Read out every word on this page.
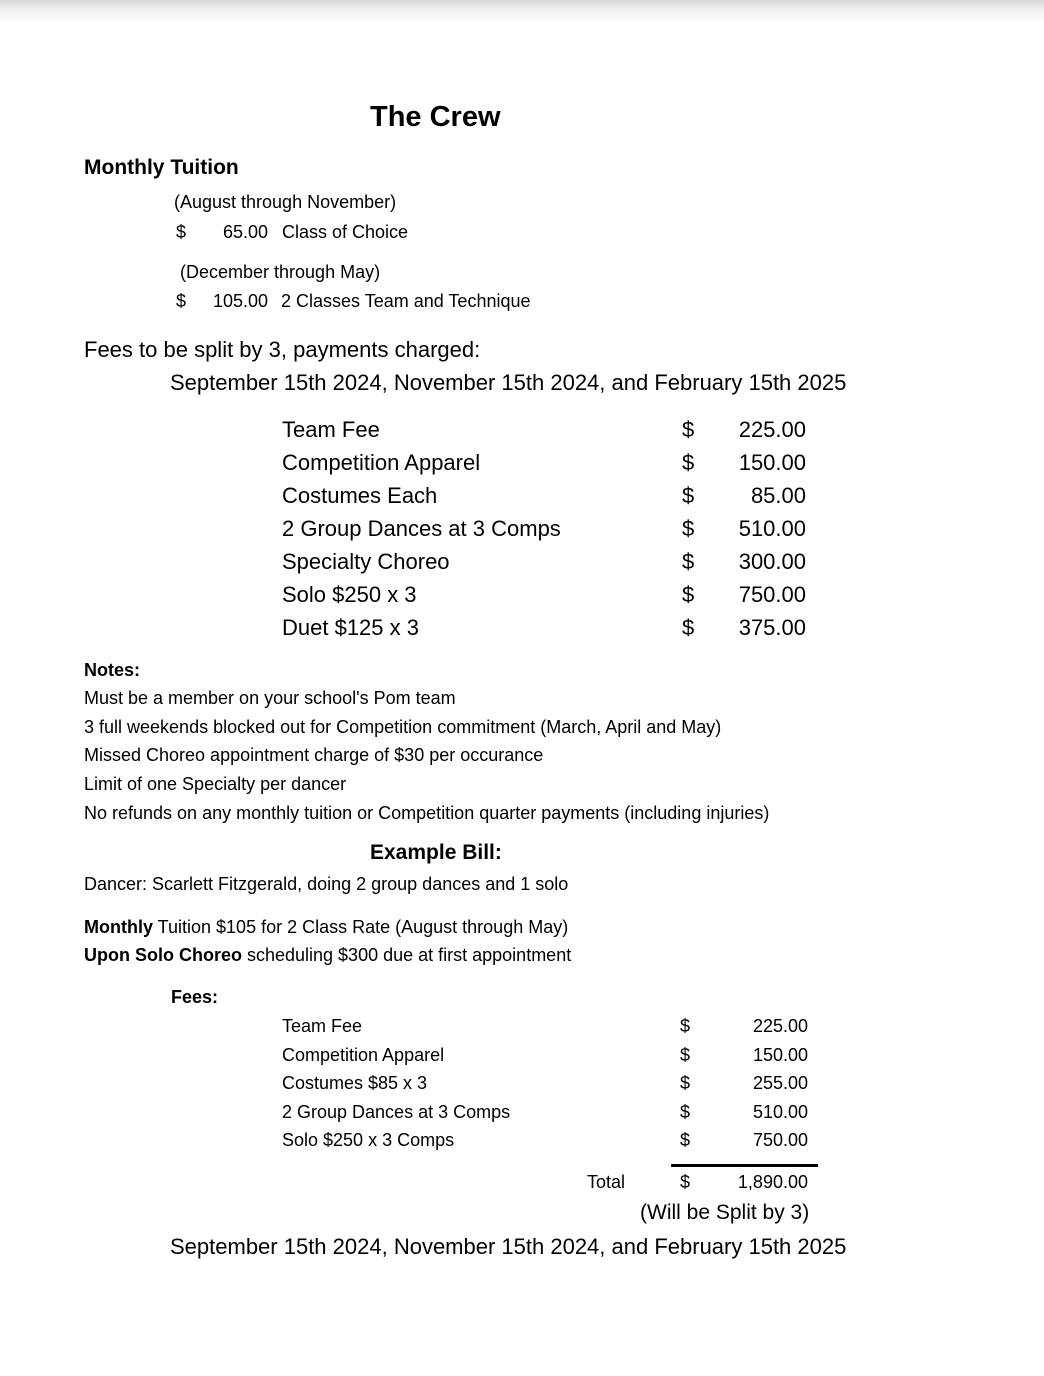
The Crew
Monthly Tuition
(August through November)
$	65.00 Class of Choice
(December through May)
$	105.00 2 Classes Team and Technique
Fees to be split by 3, payments charged:
September 15th 2024, November 15th 2024, and February 15th 2025
Team Fee	$	225.00
Competition Apparel	$	150.00
Costumes Each	$	85.00
2 Group Dances at 3 Comps	$	510.00
Specialty Choreo	$	300.00
Solo $250 x 3	$	750.00
Duet $125 x 3	$	375.00
Notes:
Must be a member on your school's Pom team
3 full weekends blocked out for Competition commitment (March, April and May)
Missed Choreo appointment charge of $30 per occurance
Limit of one Specialty per dancer
No refunds on any monthly tuition or Competition quarter payments (including injuries)
Example Bill:
Dancer: Scarlett Fitzgerald, doing 2 group dances and 1 solo
Monthly Tuition $105 for 2 Class Rate (August through May)
Upon Solo Choreo scheduling $300 due at first appointment
Fees:
Team Fee	$	225.00
Competition Apparel	$	150.00
Costumes $85 x 3	$	255.00
2 Group Dances at 3 Comps	$	510.00
Solo $250 x 3 Comps	$	750.00
Total	$	1,890.00
(Will be Split by 3)
September 15th 2024, November 15th 2024, and February 15th 2025
